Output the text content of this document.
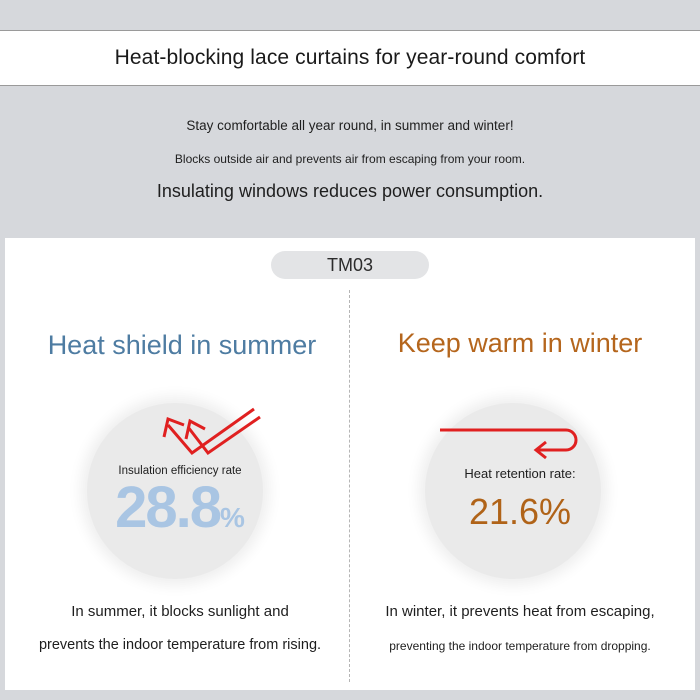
Heat-blocking lace curtains for year-round comfort
Stay comfortable all year round, in summer and winter!
Blocks outside air and prevents air from escaping from your room.
Insulating windows reduces power consumption.
TM03
Heat shield in summer
Insulation efficiency rate
28.8%
In summer, it blocks sunlight and
prevents the indoor temperature from rising.
Keep warm in winter
Heat retention rate:
21.6%
In winter, it prevents heat from escaping,
preventing the indoor temperature from dropping.
